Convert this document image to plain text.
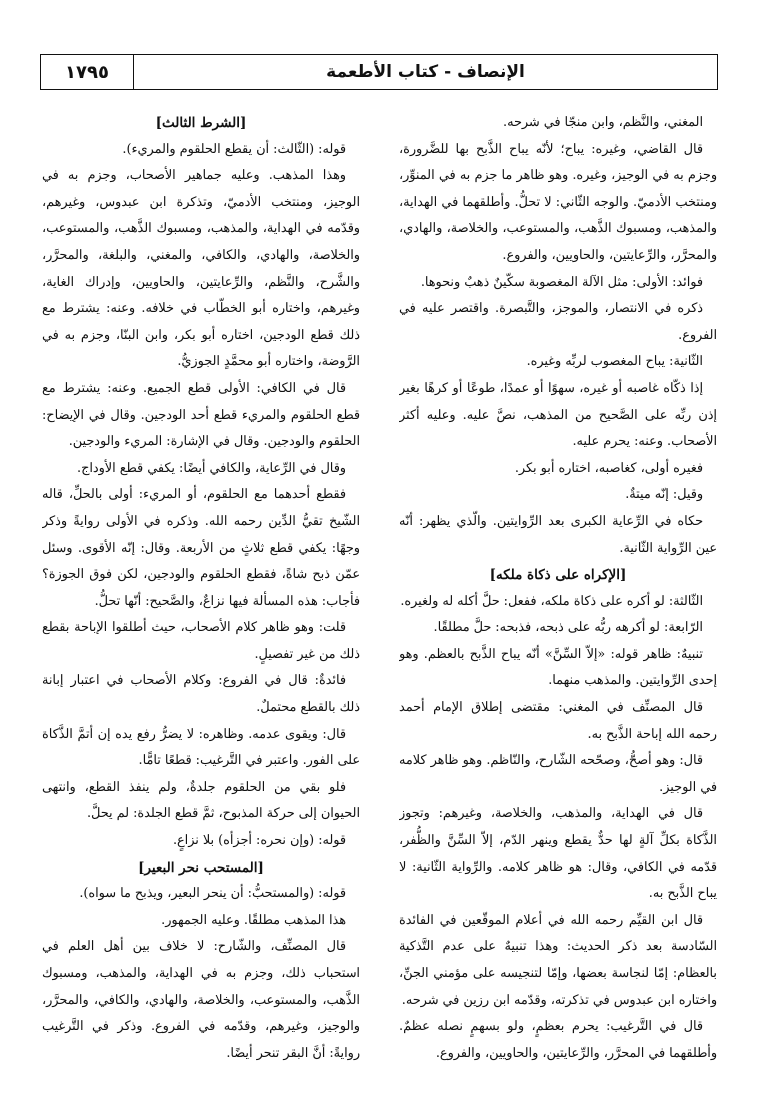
١٧٩٥	الإنصاف - كتاب الأطعمة

المغني، والنَّظم، وابن منجّا في شرحه.

قال القاضي، وغيره: يباح؛ لأنّه يباح الذَّبح بها للضَّرورة، وجزم به في الوجيز، وغيره. وهو ظاهر ما جزم به في المنوِّر، ومنتخب الأدميّ. والوجه الثّاني: لا تحلُّ. وأطلقهما في الهداية، والمذهب، ومسبوك الذَّهب، والمستوعب، والخلاصة، والهادي، والمحرَّر، والرِّعايتين، والحاويين، والفروع.

فوائد: الأولى: مثل الآلة المغصوبة سكّينٌ ذهبٌ ونحوها.

ذكره في الانتصار، والموجز، والتَّبصرة. واقتصر عليه في الفروع.

الثّانية: يباح المغصوب لربِّه وغيره.

إذا ذكّاه غاصبه أو غيره، سهوًا أو عمدًا، طوعًا أو كرهًا بغير إذن ربِّه على الصَّحيح من المذهب، نصَّ عليه. وعليه أكثر الأصحاب. وعنه: يحرم عليه.

فغيره أولى، كغاصبه، اختاره أبو بكر.

وقيل: إنّه ميتةٌ.

حكاه في الرِّعاية الكبرى بعد الرِّوايتين. والّذي يظهر: أنّه عين الرِّواية الثّانية.

[الإكراه على ذكاة ملكه]

الثّالثة: لو أكره على ذكاة ملكه، ففعل: حلَّ أكله له ولغيره.

الرّابعة: لو أكرهه ربُّه على ذبحه، فذبحه: حلَّ مطلقًا.

تنبيهٌ: ظاهر قوله: «إلاّ السِّنَّ» أنّه يباح الذَّبح بالعظم. وهو إحدى الرِّوايتين. والمذهب منهما.

قال المصنِّف في المغني: مقتضى إطلاق الإمام أحمد رحمه الله إباحة الذَّبح به.

قال: وهو أصحُّ، وصحّحه الشّارح، والنّاظم. وهو ظاهر كلامه في الوجيز.

قال في الهداية، والمذهب، والخلاصة، وغيرهم: وتجوز الذَّكاة بكلِّ آلةٍ لها حدٌّ يقطع وينهر الدّم، إلاّ السِّنَّ والظُّفر، قدّمه في الكافي، وقال: هو ظاهر كلامه. والرِّواية الثّانية: لا يباح الذَّبح به.

قال ابن القيِّم رحمه الله في أعلام الموقّعين في الفائدة السّادسة بعد ذكر الحديث: وهذا تنبيهٌ على عدم التَّذكية بالعظام: إمّا لنجاسة بعضها، وإمّا لتنجيسه على مؤمني الجنِّ، واختاره ابن عبدوس في تذكرته، وقدّمه ابن رزين في شرحه.

قال في التَّرغيب: يحرم بعظمٍ، ولو بسهمٍ نصله عظمٌ. وأطلقهما في المحرَّر، والرِّعايتين، والحاويين، والفروع.

[الشرط الثالث]

قوله: (الثّالث: أن يقطع الحلقوم والمريء).

وهذا المذهب. وعليه جماهير الأصحاب، وجزم به في الوجيز، ومنتخب الأدميّ، وتذكرة ابن عبدوس، وغيرهم، وقدّمه في الهداية، والمذهب، ومسبوك الذَّهب، والمستوعب، والخلاصة، والهادي، والكافي، والمغني، والبلغة، والمحرَّر، والشَّرح، والنَّظم، والرِّعايتين، والحاويين، وإدراك الغاية، وغيرهم، واختاره أبو الخطّاب في خلافه. وعنه: يشترط مع ذلك قطع الودجين، اختاره أبو بكر، وابن البنّا، وجزم به في الرَّوضة، واختاره أبو محمَّدٍ الجوزيُّ.

قال في الكافي: الأولى قطع الجميع. وعنه: يشترط مع قطع الحلقوم والمريء قطع أحد الودجين. وقال في الإيضاح: الحلقوم والودجين. وقال في الإشارة: المريء والودجين.

وقال في الرِّعاية، والكافي أيضًا: يكفي قطع الأوداج.

فقطع أحدهما مع الحلقوم، أو المريء: أولى بالحلِّ، قاله الشّيخ تقيُّ الدِّين رحمه الله. وذكره في الأولى روايةً وذكر وجهًا: يكفي قطع ثلاثٍ من الأربعة. وقال: إنّه الأقوى. وسئل عمّن ذبح شاةً، فقطع الحلقوم والودجين، لكن فوق الجوزة؟ فأجاب: هذه المسألة فيها نزاعٌ، والصَّحيح: أنّها تحلُّ.

قلت: وهو ظاهر كلام الأصحاب، حيث أطلقوا الإباحة بقطع ذلك من غير تفصيلٍ.

فائدةٌ: قال في الفروع: وكلام الأصحاب في اعتبار إبانة ذلك بالقطع محتملٌ.

قال: ويقوى عدمه. وظاهره: لا يضرُّ رفع يده إن أتمَّ الذَّكاة على الفور. واعتبر في التَّرغيب: قطعًا تامًّا.

فلو بقي من الحلقوم جلدةٌ، ولم ينفذ القطع، وانتهى الحيوان إلى حركة المذبوح، ثمَّ قطع الجلدة: لم يحلَّ.

قوله: (وإن نحره: أجزأه) بلا نزاعٍ.

[المستحب نحر البعير]

قوله: (والمستحبُّ: أن ينحر البعير، ويذبح ما سواه).

هذا المذهب مطلقًا. وعليه الجمهور.

قال المصنِّف، والشّارح: لا خلاف بين أهل العلم في استحباب ذلك، وجزم به في الهداية، والمذهب، ومسبوك الذَّهب، والمستوعب، والخلاصة، والهادي، والكافي، والمحرَّر، والوجيز، وغيرهم، وقدّمه في الفروع. وذكر في التَّرغيب روايةً: أنَّ البقر تنحر أيضًا.
